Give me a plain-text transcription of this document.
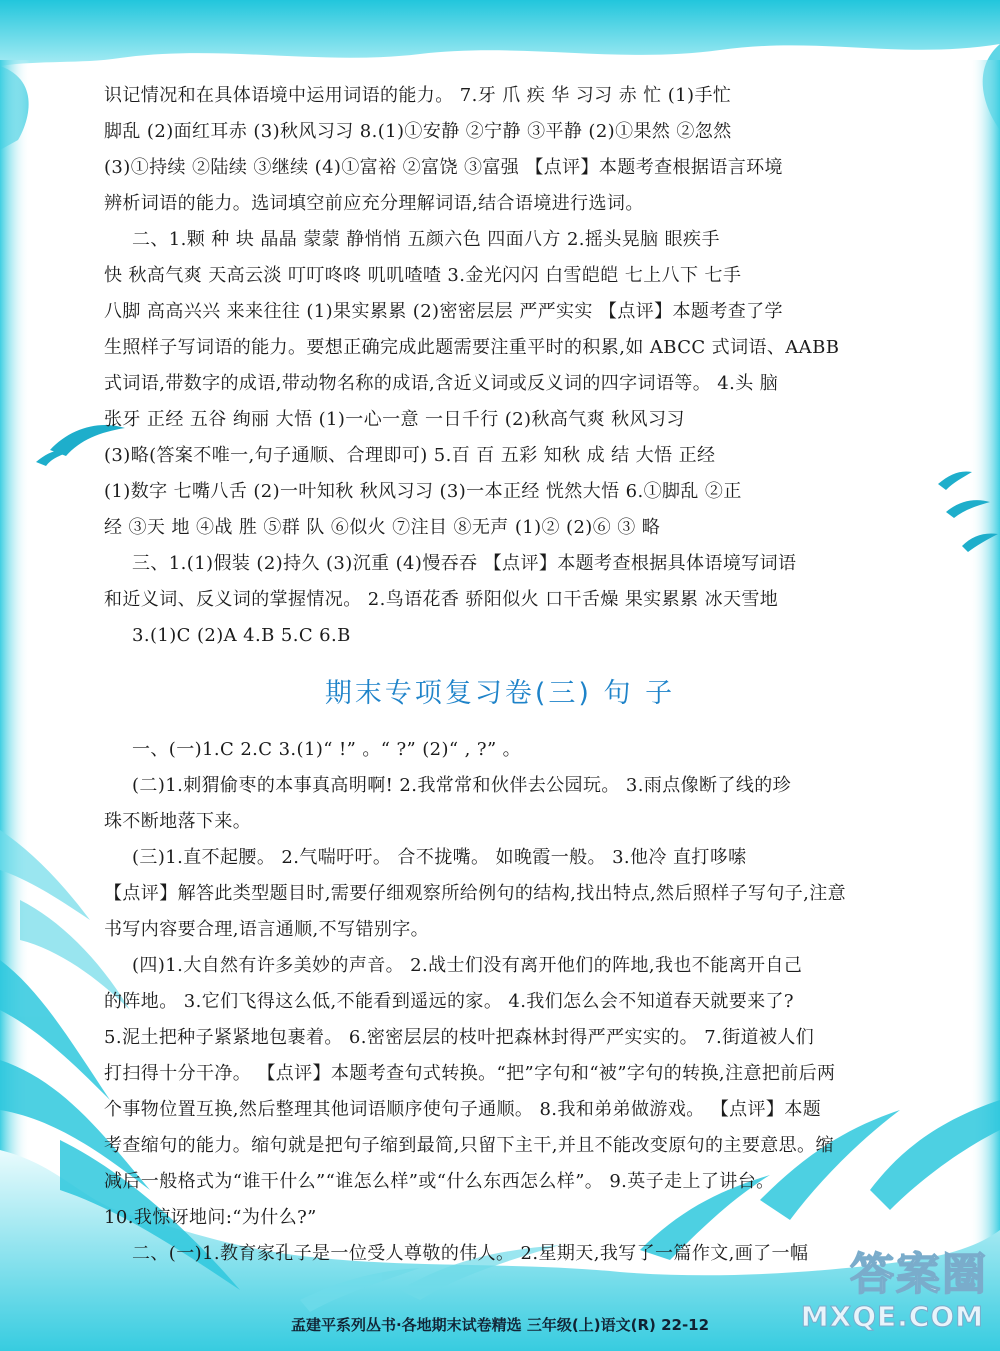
识记情况和在具体语境中运用词语的能力。 7.牙 爪 疾 华 习习 赤 忙 (1)手忙
脚乱 (2)面红耳赤 (3)秋风习习 8.(1)①安静 ②宁静 ③平静 (2)①果然 ②忽然
(3)①持续 ②陆续 ③继续 (4)①富裕 ②富饶 ③富强 【点评】本题考查根据语言环境
辨析词语的能力。选词填空前应充分理解词语,结合语境进行选词。
二、1.颗 种 块 晶晶 蒙蒙 静悄悄 五颜六色 四面八方 2.摇头晃脑 眼疾手
快 秋高气爽 天高云淡 叮叮咚咚 叽叽喳喳 3.金光闪闪 白雪皑皑 七上八下 七手
八脚 高高兴兴 来来往往 (1)果实累累 (2)密密层层 严严实实 【点评】本题考查了学
生照样子写词语的能力。要想正确完成此题需要注重平时的积累,如 ABCC 式词语、AABB
式词语,带数字的成语,带动物名称的成语,含近义词或反义词的四字词语等。 4.头 脑
张牙 正经 五谷 绚丽 大悟 (1)一心一意 一日千行 (2)秋高气爽 秋风习习
(3)略(答案不唯一,句子通顺、合理即可) 5.百 百 五彩 知秋 成 结 大悟 正经
(1)数字 七嘴八舌 (2)一叶知秋 秋风习习 (3)一本正经 恍然大悟 6.①脚乱 ②正
经 ③天 地 ④战 胜 ⑤群 队 ⑥似火 ⑦注目 ⑧无声 (1)② (2)⑥ ③ 略
三、1.(1)假装 (2)持久 (3)沉重 (4)慢吞吞 【点评】本题考查根据具体语境写词语
和近义词、反义词的掌握情况。 2.鸟语花香 骄阳似火 口干舌燥 果实累累 冰天雪地
3.(1)C (2)A 4.B 5.C 6.B
期末专项复习卷(三) 句 子
一、(一)1.C 2.C 3.(1)“ !” 。“ ?” (2)“ , ?” 。
(二)1.刺猬偷枣的本事真高明啊! 2.我常常和伙伴去公园玩。 3.雨点像断了线的珍
珠不断地落下来。
(三)1.直不起腰。 2.气喘吁吁。 合不拢嘴。 如晚霞一般。 3.他冷 直打哆嗦
【点评】解答此类型题目时,需要仔细观察所给例句的结构,找出特点,然后照样子写句子,注意
书写内容要合理,语言通顺,不写错别字。
(四)1.大自然有许多美妙的声音。 2.战士们没有离开他们的阵地,我也不能离开自己
的阵地。 3.它们飞得这么低,不能看到遥远的家。 4.我们怎么会不知道春天就要来了?
5.泥土把种子紧紧地包裹着。 6.密密层层的枝叶把森林封得严严实实的。 7.街道被人们
打扫得十分干净。 【点评】本题考查句式转换。“把”字句和“被”字句的转换,注意把前后两
个事物位置互换,然后整理其他词语顺序使句子通顺。 8.我和弟弟做游戏。 【点评】本题
考查缩句的能力。缩句就是把句子缩到最简,只留下主干,并且不能改变原句的主要意思。缩
减后一般格式为“谁干什么”“谁怎么样”或“什么东西怎么样”。 9.英子走上了讲台。
10.我惊讶地问:“为什么?”
二、(一)1.教育家孔子是一位受人尊敬的伟人。 2.星期天,我写了一篇作文,画了一幅
孟建平系列丛书·各地期末试卷精选 三年级(上)语文(R) 22-12
答案圈
MXQE.COM
